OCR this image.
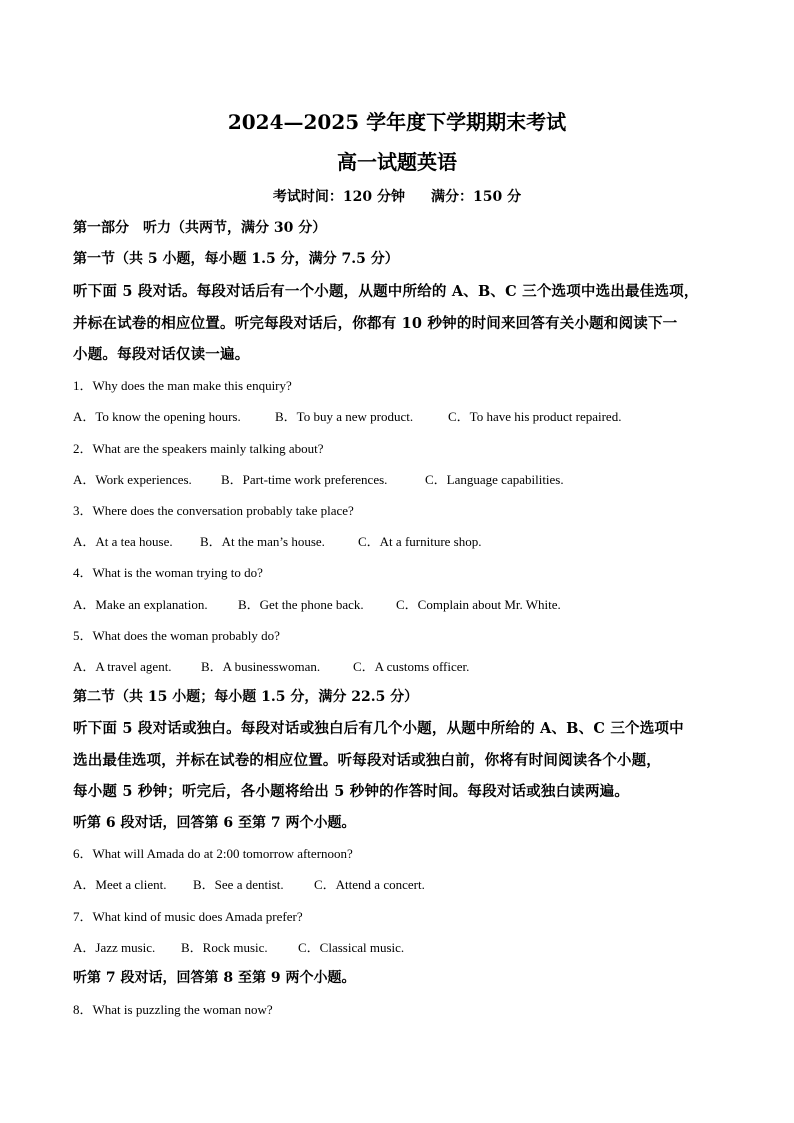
2024—2025 学年度下学期期末考试
高一试题英语
考试时间：120 分钟 满分：150 分
第一部分　听力（共两节，满分 30 分）
第一节（共 5 小题，每小题 1.5 分，满分 7.5 分）
听下面 5 段对话。每段对话后有一个小题，从题中所给的 A、B、C 三个选项中选出最佳选项，
并标在试卷的相应位置。听完每段对话后，你都有 10 秒钟的时间来回答有关小题和阅读下一
小题。每段对话仅读一遍。
1．Why does the man make this enquiry?
A．To know the opening hours.	B．To buy a new product.	C．To have his product repaired.
2．What are the speakers mainly talking about?
A．Work experiences. B．Part-time work preferences.	C．Language capabilities.
3．Where does the conversation probably take place?
A．At a tea house. B．At the man’s house.	C．At a furniture shop.
4．What is the woman trying to do?
A．Make an explanation. B．Get the phone back. C．Complain about Mr. White.
5．What does the woman probably do?
A．A travel agent. B．A businesswoman.	C．A customs officer.
第二节（共 15 小题；每小题 1.5 分，满分 22.5 分）
听下面 5 段对话或独白。每段对话或独白后有几个小题，从题中所给的 A、B、C 三个选项中
选出最佳选项，并标在试卷的相应位置。听每段对话或独白前，你将有时间阅读各个小题，
每小题 5 秒钟；听完后，各小题将给出 5 秒钟的作答时间。每段对话或独白读两遍。
听第 6 段对话，回答第 6 至第 7 两个小题。
6．What will Amada do at 2:00 tomorrow afternoon?
A．Meet a client. B．See a dentist. C．Attend a concert.
7．What kind of music does Amada prefer?
A．Jazz music. B．Rock music. C．Classical music.
听第 7 段对话，回答第 8 至第 9 两个小题。
8．What is puzzling the woman now?
